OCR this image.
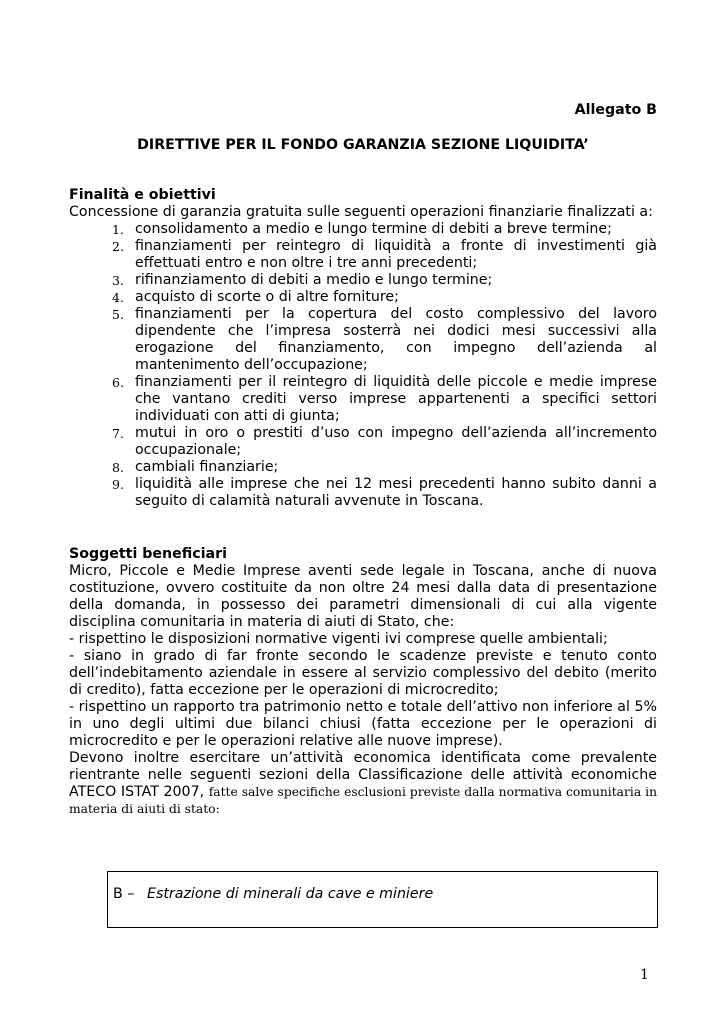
Allegato B
DIRETTIVE PER IL FONDO GARANZIA SEZIONE LIQUIDITA’

Finalità e obiettivi

Concessione di garanzia gratuita sulle seguenti operazioni finanziarie finalizzati a:

1. consolidamento a medio e lungo termine di debiti a breve termine;
2. finanziamenti per reintegro di liquidità a fronte di investimenti già effettuati entro e non oltre i tre anni precedenti;
3. rifinanziamento di debiti a medio e lungo termine;
4. acquisto di scorte o di altre forniture;
5. finanziamenti per la copertura del costo complessivo del lavoro dipendente che l’impresa sosterrà nei dodici mesi successivi alla erogazione del finanziamento, con impegno dell’azienda al mantenimento dell’occupazione;
6. finanziamenti per il reintegro di liquidità delle piccole e medie imprese che vantano crediti verso imprese appartenenti a specifici settori individuati con atti di giunta;
7. mutui in oro o prestiti d’uso con impegno dell’azienda all’incremento occupazionale;
8. cambiali finanziarie;
9. liquidità alle imprese che nei 12 mesi precedenti hanno subito danni a seguito di calamità naturali avvenute in Toscana.

Soggetti beneficiari

Micro, Piccole e Medie Imprese aventi sede legale in Toscana, anche di nuova costituzione, ovvero costituite da non oltre 24 mesi dalla data di presentazione della domanda, in possesso dei parametri dimensionali di cui alla vigente disciplina comunitaria in materia di aiuti di Stato, che:

- rispettino le disposizioni normative vigenti ivi comprese quelle ambientali;

- siano in grado di far fronte secondo le scadenze previste e tenuto conto dell’indebitamento aziendale in essere al servizio complessivo del debito (merito di credito), fatta eccezione per le operazioni di microcredito;

- rispettino un rapporto tra patrimonio netto e totale dell’attivo non inferiore al 5% in uno degli ultimi due bilanci chiusi (fatta eccezione per le operazioni di microcredito e per le operazioni relative alle nuove imprese).

Devono inoltre esercitare un’attività economica identificata come prevalente rientrante nelle seguenti sezioni della Classificazione delle attività economiche ATECO ISTAT 2007, fatte salve specifiche esclusioni previste dalla normativa comunitaria in materia di aiuti di stato:

B – Estrazione di minerali da cave e miniere
1
